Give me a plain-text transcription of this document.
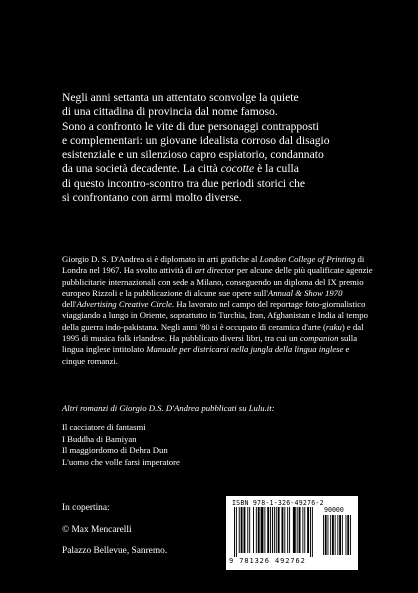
Negli anni settanta un attentato sconvolge la quiete

di una cittadina di provincia dal nome famoso.

Sono a confronto le vite di due personaggi contrapposti

e complementari: un giovane idealista corroso dal disagio

esistenziale e un silenzioso capro espiatorio, condannato

da una società decadente. La città cocotte è la culla

di questo incontro-scontro tra due periodi storici che

si confrontano con armi molto diverse.

Giorgio D. S. D'Andrea si è diplomato in arti grafiche al London College of Printing di Londra nel 1967. Ha svolto attività di art director per alcune delle più qualificate agenzie pubblicitarie internazionali con sede a Milano, conseguendo un diploma del IX premio europeo Rizzoli e la pubblicazione di alcune sue opere sull'Annual & Show 1970 dell'Advertising Creative Circle. Ha lavorato nel campo del reportage foto-giornalistico viaggiando a lungo in Oriente, soprattutto in Turchia, Iran, Afghanistan e India al tempo della guerra indo-pakistana. Negli anni '80 si è occupato di ceramica d'arte (raku) e dal 1995 di musica folk irlandese. Ha pubblicato diversi libri, tra cui un companion sulla lingua inglese intitolato Manuale per districarsi nella jungla della lingua inglese e cinque romanzi.

Altri romanzi di Giorgio D.S. D'Andrea pubblicati su Lulu.it:

Il cacciatore di fantasmi
I Buddha di Bamiyan
Il maggiordomo di Dehra Dun
L'uomo che volle farsi imperatore
In copertina:
© Max Mencarelli
Palazzo Bellevue, Sanremo.
ISBN 978-1-326-49276-2
90000
9 781326 492762
